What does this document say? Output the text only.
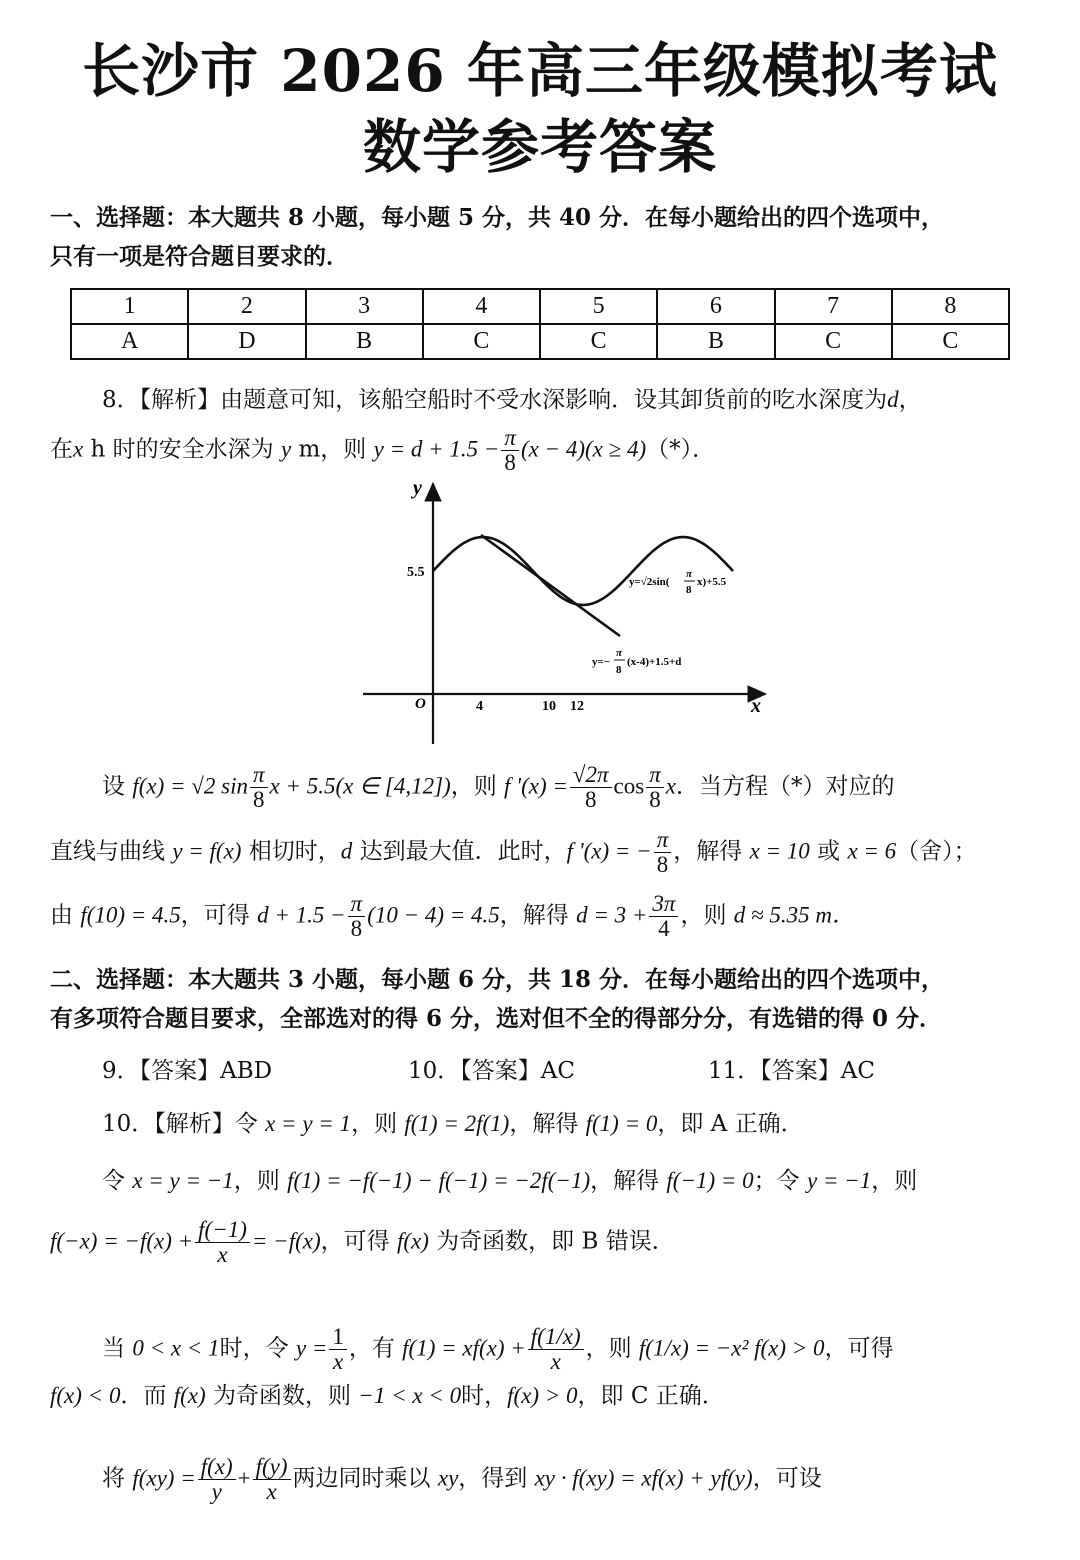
长沙市 2026 年高三年级模拟考试
数学参考答案
一、选择题：本大题共 8 小题，每小题 5 分，共 40 分．在每小题给出的四个选项中，
只有一项是符合题目要求的．
1	2	3	4	5	6	7	8
A	D	B	C	C	B	C	C
8．【解析】由题意可知，该船空船时不受水深影响．设其卸货前的吃水深度为d，
在x h 时的安全水深为 y m，则 $y = d + 1.5 - \frac{\pi}{8} (x - 4)(x \ge 4)(*)$．
y
x
O
5.5
4	10 12
y=√2sin(
π
8
x)+5.5
y=−
π
8
(x-4)+1.5+d
设 f(x) = √2 $\sin \frac{\pi}{8}$ x + 5.5(x ∈ [4,12])，则 f '$(x) = \frac{√2\pi}{8}$ $\cos \frac{\pi}{8}$ x．当方程（*）对应的
直线与曲线 y = f(x) 相切时，d 达到最大值．此时，f '(x) = − $\frac{\pi}{8}$ ，解得 x = 10 或 x = 6（舍）；
由 f(10) = 4.5，可得 $d + 1.5 - \frac{\pi}{8} (10 - 4) = 4.5$，解得 $d = 3 + \frac{3\pi}{4}$ ，则 d ≈ 5.35 m．
二、选择题：本大题共 3 小题，每小题 6 分，共 18 分．在每小题给出的四个选项中，
有多项符合题目要求，全部选对的得 6 分，选对但不全的得部分分，有选错的得 0 分．
9．【答案】ABD	10．【答案】AC	11．【答案】AC
10．【解析】令 x = y = 1，则 f(1) = 2f(1)，解得 f(1) = 0，即 A 正确．
令 x = y = −1，则 f(1) = −f(−1) − f(−1) = −2f(−1)，解得 f(−1) = 0；令 y = −1，则
$f(-x) = -f(x) + \frac{f(-1)}{x} = -f(x)$，可得 f(x) 为奇函数，即 B 错误．
当 0 < x < 1时，令 $y = \frac{1}{x}$ ，有 $f(1) = xf(x) + \frac{f(1/x)}{x}$ ，则 f(1/x) = −x² f(x) > 0，可得
f(x) < 0．而 f(x) 为奇函数，则 −1 < x < 0时，f(x) > 0，即 C 正确．
将 $f(xy) = \frac{f(x)}{y} + \frac{f(y)}{x}$ 两边同时乘以 xy，得到 xy · f(xy) = xf(x) + yf(y)，可设
